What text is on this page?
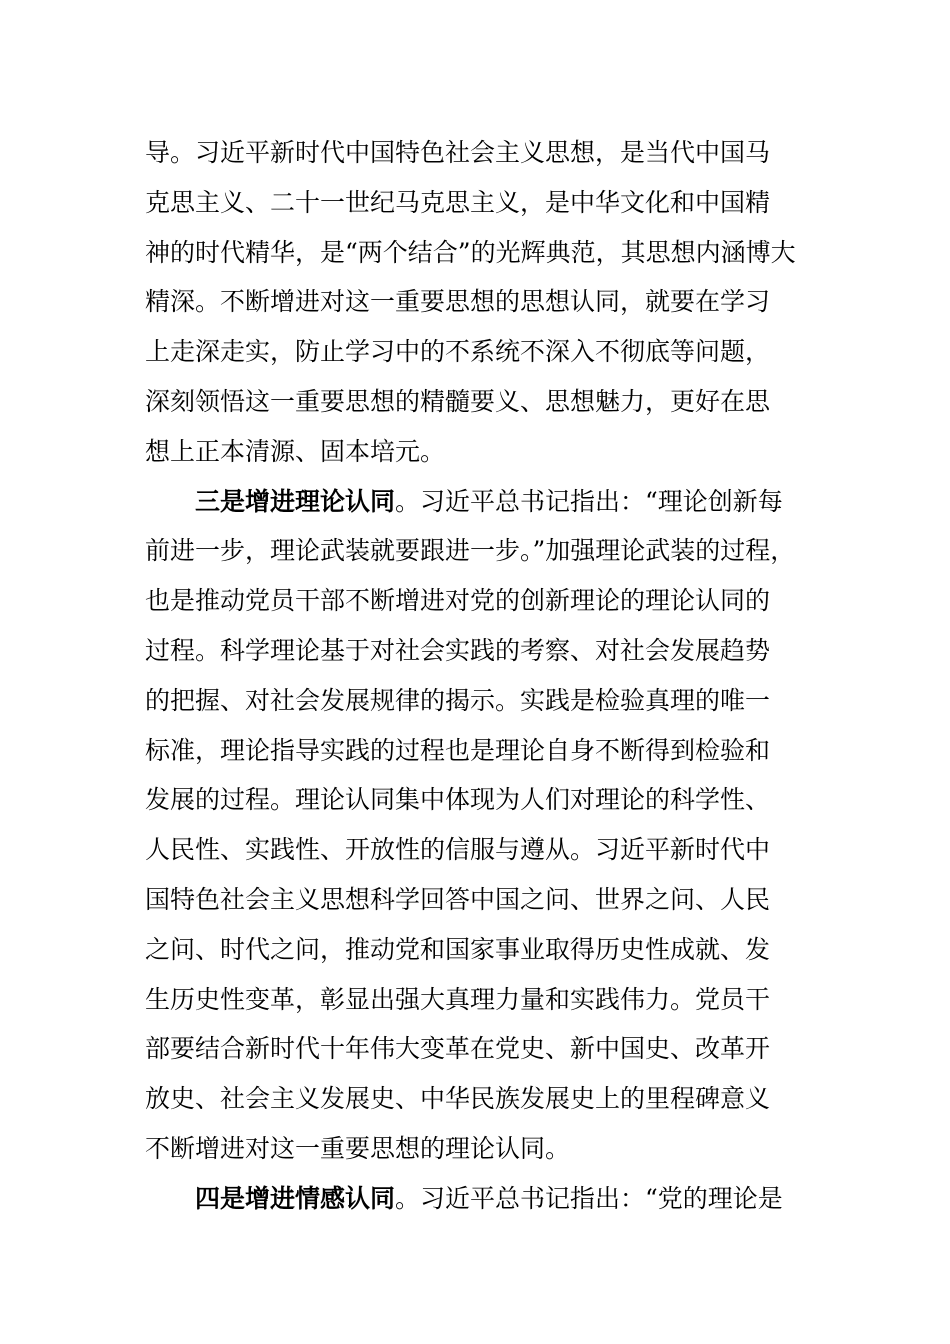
导。习近平新时代中国特色社会主义思想，是当代中国马
克思主义、二十一世纪马克思主义，是中华文化和中国精
神的时代精华，是“两个结合”的光辉典范，其思想内涵博大
精深。不断增进对这一重要思想的思想认同，就要在学习
上走深走实，防止学习中的不系统不深入不彻底等问题，
深刻领悟这一重要思想的精髓要义、思想魅力，更好在思
想上正本清源、固本培元。
三是增进理论认同。习近平总书记指出：“理论创新每
前进一步，理论武装就要跟进一步。”加强理论武装的过程，
也是推动党员干部不断增进对党的创新理论的理论认同的
过程。科学理论基于对社会实践的考察、对社会发展趋势
的把握、对社会发展规律的揭示。实践是检验真理的唯一
标准，理论指导实践的过程也是理论自身不断得到检验和
发展的过程。理论认同集中体现为人们对理论的科学性、
人民性、实践性、开放性的信服与遵从。习近平新时代中
国特色社会主义思想科学回答中国之问、世界之问、人民
之问、时代之问，推动党和国家事业取得历史性成就、发
生历史性变革，彰显出强大真理力量和实践伟力。党员干
部要结合新时代十年伟大变革在党史、新中国史、改革开
放史、社会主义发展史、中华民族发展史上的里程碑意义
不断增进对这一重要思想的理论认同。
四是增进情感认同。习近平总书记指出：“党的理论是
